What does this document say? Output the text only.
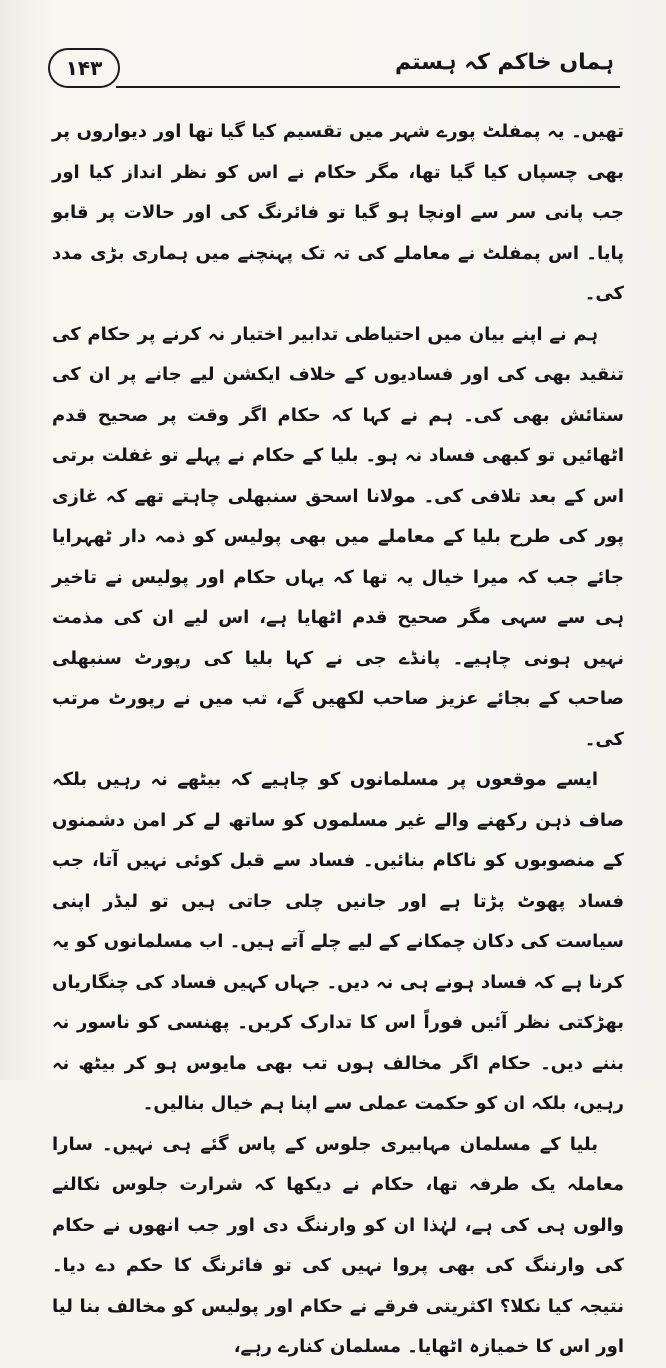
۱۴۳	ہماں خاکم کہ ہستم

تھیں۔ یہ پمفلٹ پورے شہر میں تقسیم کیا گیا تھا اور دیواروں پر بھی چسپاں کیا گیا تھا، مگر حکام نے اس کو نظر انداز کیا اور جب پانی سر سے اونچا ہو گیا تو فائرنگ کی اور حالات پر قابو پایا۔ اس پمفلٹ نے معاملے کی تہ تک پہنچنے میں ہماری بڑی مدد کی۔

ہم نے اپنے بیان میں احتیاطی تدابیر اختیار نہ کرنے پر حکام کی تنقید بھی کی اور فسادیوں کے خلاف ایکشن لیے جانے پر ان کی ستائش بھی کی۔ ہم نے کہا کہ حکام اگر وقت پر صحیح قدم اٹھائیں تو کبھی فساد نہ ہو۔ بلیا کے حکام نے پہلے تو غفلت برتی اس کے بعد تلافی کی۔ مولانا اسحق سنبھلی چاہتے تھے کہ غازی پور کی طرح بلیا کے معاملے میں بھی پولیس کو ذمہ دار ٹھہرایا جائے جب کہ میرا خیال یہ تھا کہ یہاں حکام اور پولیس نے تاخیر ہی سے سہی مگر صحیح قدم اٹھایا ہے، اس لیے ان کی مذمت نہیں ہونی چاہیے۔ پانڈے جی نے کہا بلیا کی رپورٹ سنبھلی صاحب کے بجائے عزیز صاحب لکھیں گے، تب میں نے رپورٹ مرتب کی۔

ایسے موقعوں پر مسلمانوں کو چاہیے کہ بیٹھے نہ رہیں بلکہ صاف ذہن رکھنے والے غیر مسلموں کو ساتھ لے کر امن دشمنوں کے منصوبوں کو ناکام بنائیں۔ فساد سے قبل کوئی نہیں آتا، جب فساد پھوٹ پڑتا ہے اور جانیں چلی جاتی ہیں تو لیڈر اپنی سیاست کی دکان چمکانے کے لیے چلے آتے ہیں۔ اب مسلمانوں کو یہ کرنا ہے کہ فساد ہونے ہی نہ دیں۔ جہاں کہیں فساد کی چنگاریاں بھڑکتی نظر آئیں فوراً اس کا تدارک کریں۔ پھنسی کو ناسور نہ بننے دیں۔ حکام اگر مخالف ہوں تب بھی مایوس ہو کر بیٹھ نہ رہیں، بلکہ ان کو حکمت عملی سے اپنا ہم خیال بنالیں۔

بلیا کے مسلمان مہابیری جلوس کے پاس گئے ہی نہیں۔ سارا معاملہ یک طرفہ تھا، حکام نے دیکھا کہ شرارت جلوس نکالنے والوں ہی کی ہے، لہٰذا ان کو وارننگ دی اور جب انھوں نے حکام کی وارننگ کی بھی پروا نہیں کی تو فائرنگ کا حکم دے دیا۔ نتیجہ کیا نکلا؟ اکثریتی فرقے نے حکام اور پولیس کو مخالف بنا لیا اور اس کا خمیازہ اٹھایا۔ مسلمان کنارے رہے،
